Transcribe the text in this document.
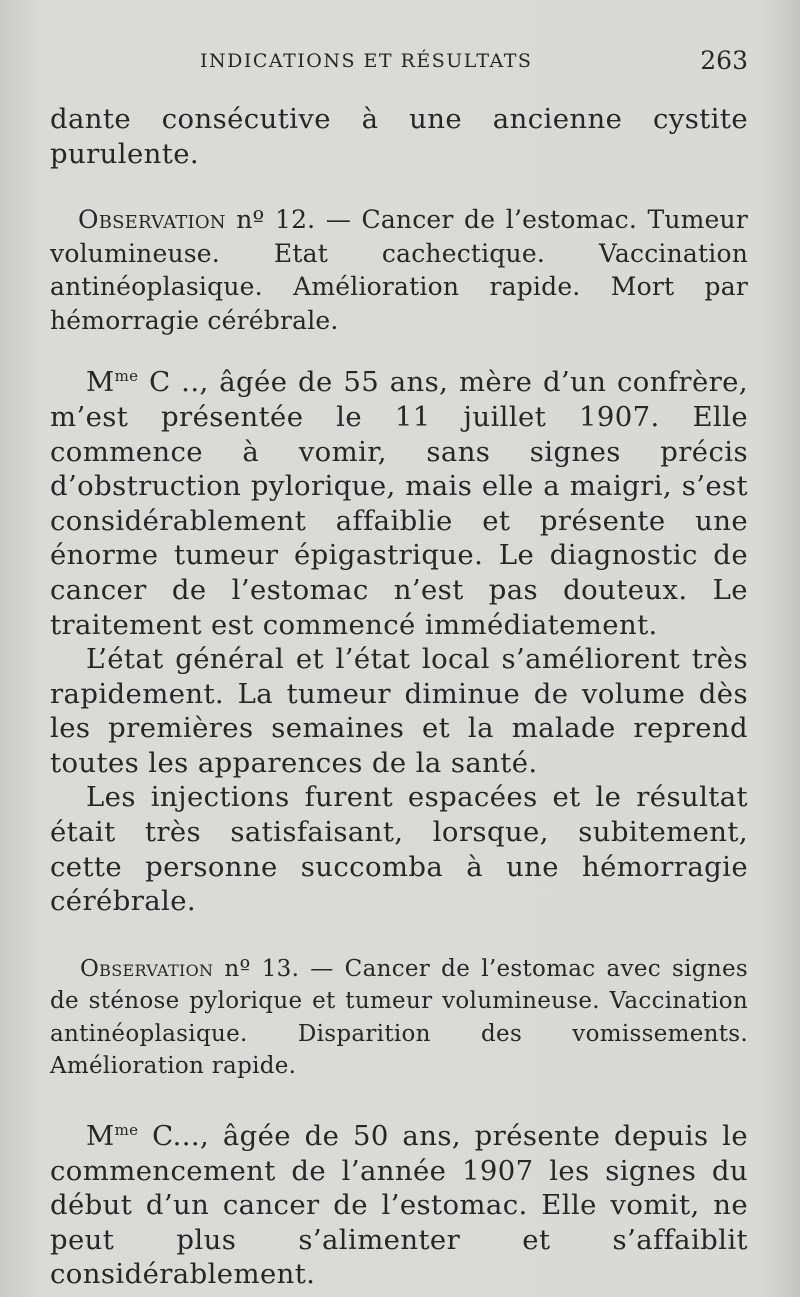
INDICATIONS ET RÉSULTATS	263

dante consécutive à une ancienne cystite purulente.

Observation nº 12. — Cancer de l’estomac. Tumeur volumineuse. Etat cachectique. Vaccination antinéoplasique. Amélioration rapide. Mort par hémorragie cérébrale.

$M^{me}$ C .., âgée de 55 ans, mère d’un confrère, m’est présentée le 11 juillet 1907. Elle commence à vomir, sans signes précis d’obstruction pylorique, mais elle a maigri, s’est considérablement affaiblie et présente une énorme tumeur épigastrique. Le diagnostic de cancer de l’estomac n’est pas douteux. Le traitement est commencé immédiatement.

L’état général et l’état local s’améliorent très rapidement. La tumeur diminue de volume dès les premières semaines et la malade reprend toutes les apparences de la santé.

Les injections furent espacées et le résultat était très satisfaisant, lorsque, subitement, cette personne succomba à une hémorragie cérébrale.

Observation nº 13. — Cancer de l’estomac avec signes de sténose pylorique et tumeur volumineuse. Vaccination antinéoplasique. Disparition des vomissements. Amélioration rapide.

$M^{me}$ C..., âgée de 50 ans, présente depuis le commencement de l’année 1907 les signes du début d’un cancer de l’estomac. Elle vomit, ne peut plus s’alimenter et s’affaiblit considérablement.
